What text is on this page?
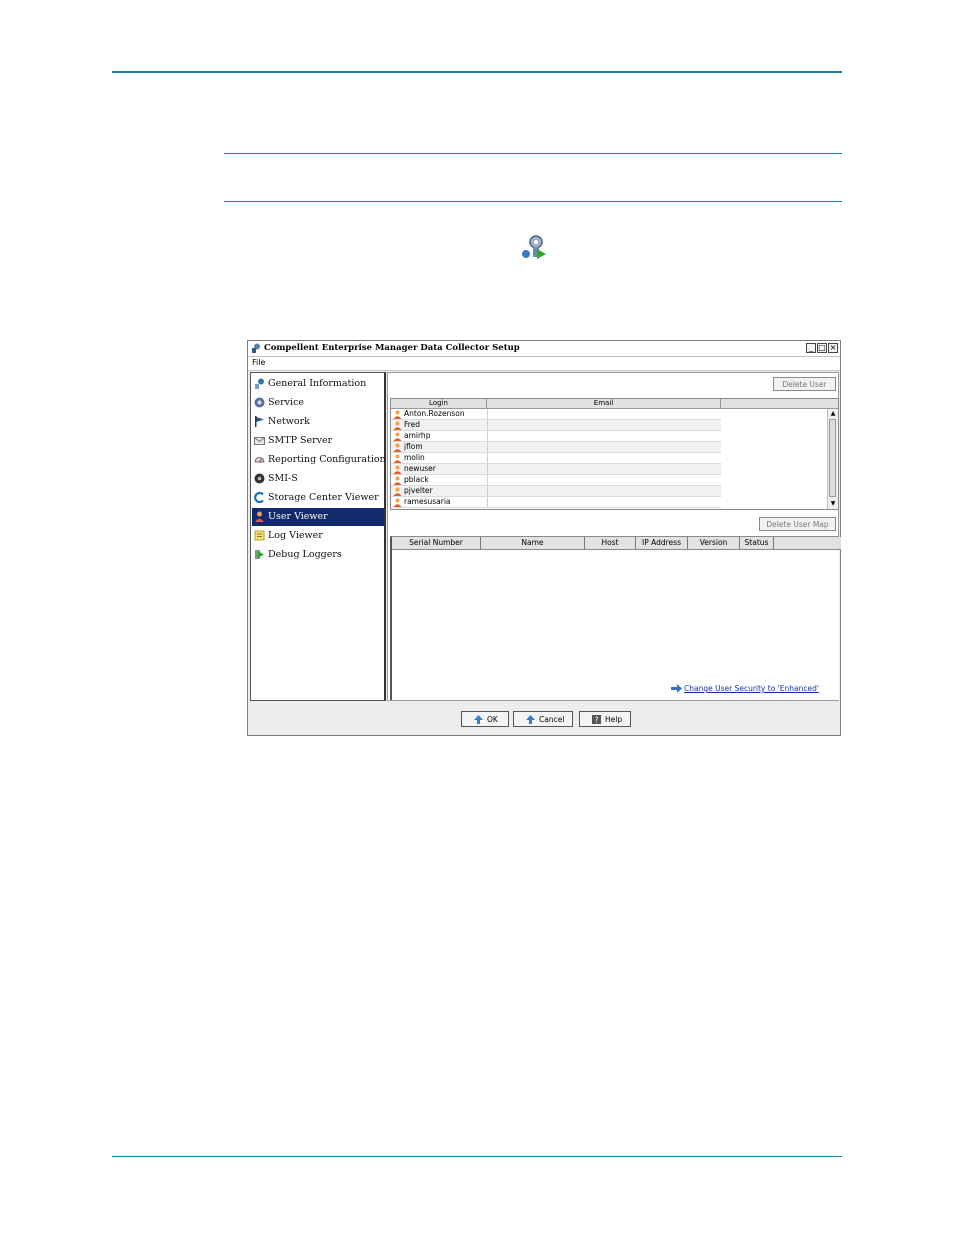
Compellent Enterprise Manager Data Collector Setup	_ □ ×
File
General Information
Service
Network
SMTP Server
Reporting Configuration
SMI-S
Storage Center Viewer
User Viewer
Log Viewer
Debug Loggers
Delete User
Login	Email
Anton.Rozenson
Fred
amirhp
jflom
molin
newuser
pblack
pjvelter
ramesusaria
▲
▼
Delete User Map
Serial Number	Name	Host	IP Address	Version	Status
Change User Security to 'Enhanced'
OK	Cancel	? Help
